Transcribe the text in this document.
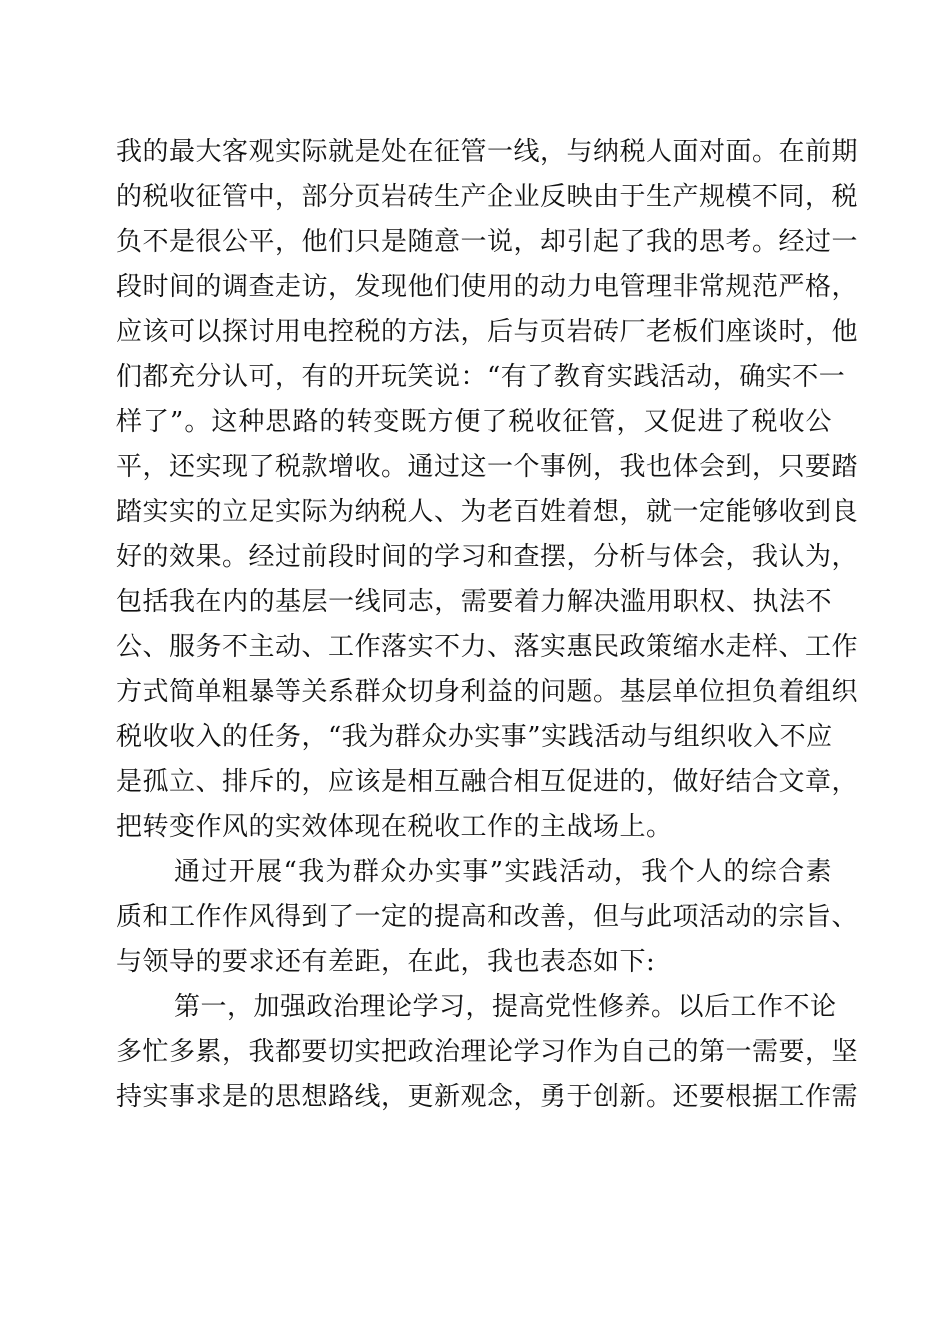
我的最大客观实际就是处在征管一线，与纳税人面对面。在前期
的税收征管中，部分页岩砖生产企业反映由于生产规模不同，税
负不是很公平，他们只是随意一说，却引起了我的思考。经过一
段时间的调查走访，发现他们使用的动力电管理非常规范严格，
应该可以探讨用电控税的方法，后与页岩砖厂老板们座谈时，他
们都充分认可，有的开玩笑说：“有了教育实践活动，确实不一
样了”。这种思路的转变既方便了税收征管，又促进了税收公
平，还实现了税款增收。通过这一个事例，我也体会到，只要踏
踏实实的立足实际为纳税人、为老百姓着想，就一定能够收到良
好的效果。经过前段时间的学习和查摆，分析与体会，我认为，
包括我在内的基层一线同志，需要着力解决滥用职权、执法不
公、服务不主动、工作落实不力、落实惠民政策缩水走样、工作
方式简单粗暴等关系群众切身利益的问题。基层单位担负着组织
税收收入的任务，“我为群众办实事”实践活动与组织收入不应
是孤立、排斥的，应该是相互融合相互促进的，做好结合文章，
把转变作风的实效体现在税收工作的主战场上。
通过开展“我为群众办实事”实践活动，我个人的综合素
质和工作作风得到了一定的提高和改善，但与此项活动的宗旨、
与领导的要求还有差距，在此，我也表态如下:
第一，加强政治理论学习，提高党性修养。以后工作不论
多忙多累，我都要切实把政治理论学习作为自己的第一需要，坚
持实事求是的思想路线，更新观念，勇于创新。还要根据工作需
